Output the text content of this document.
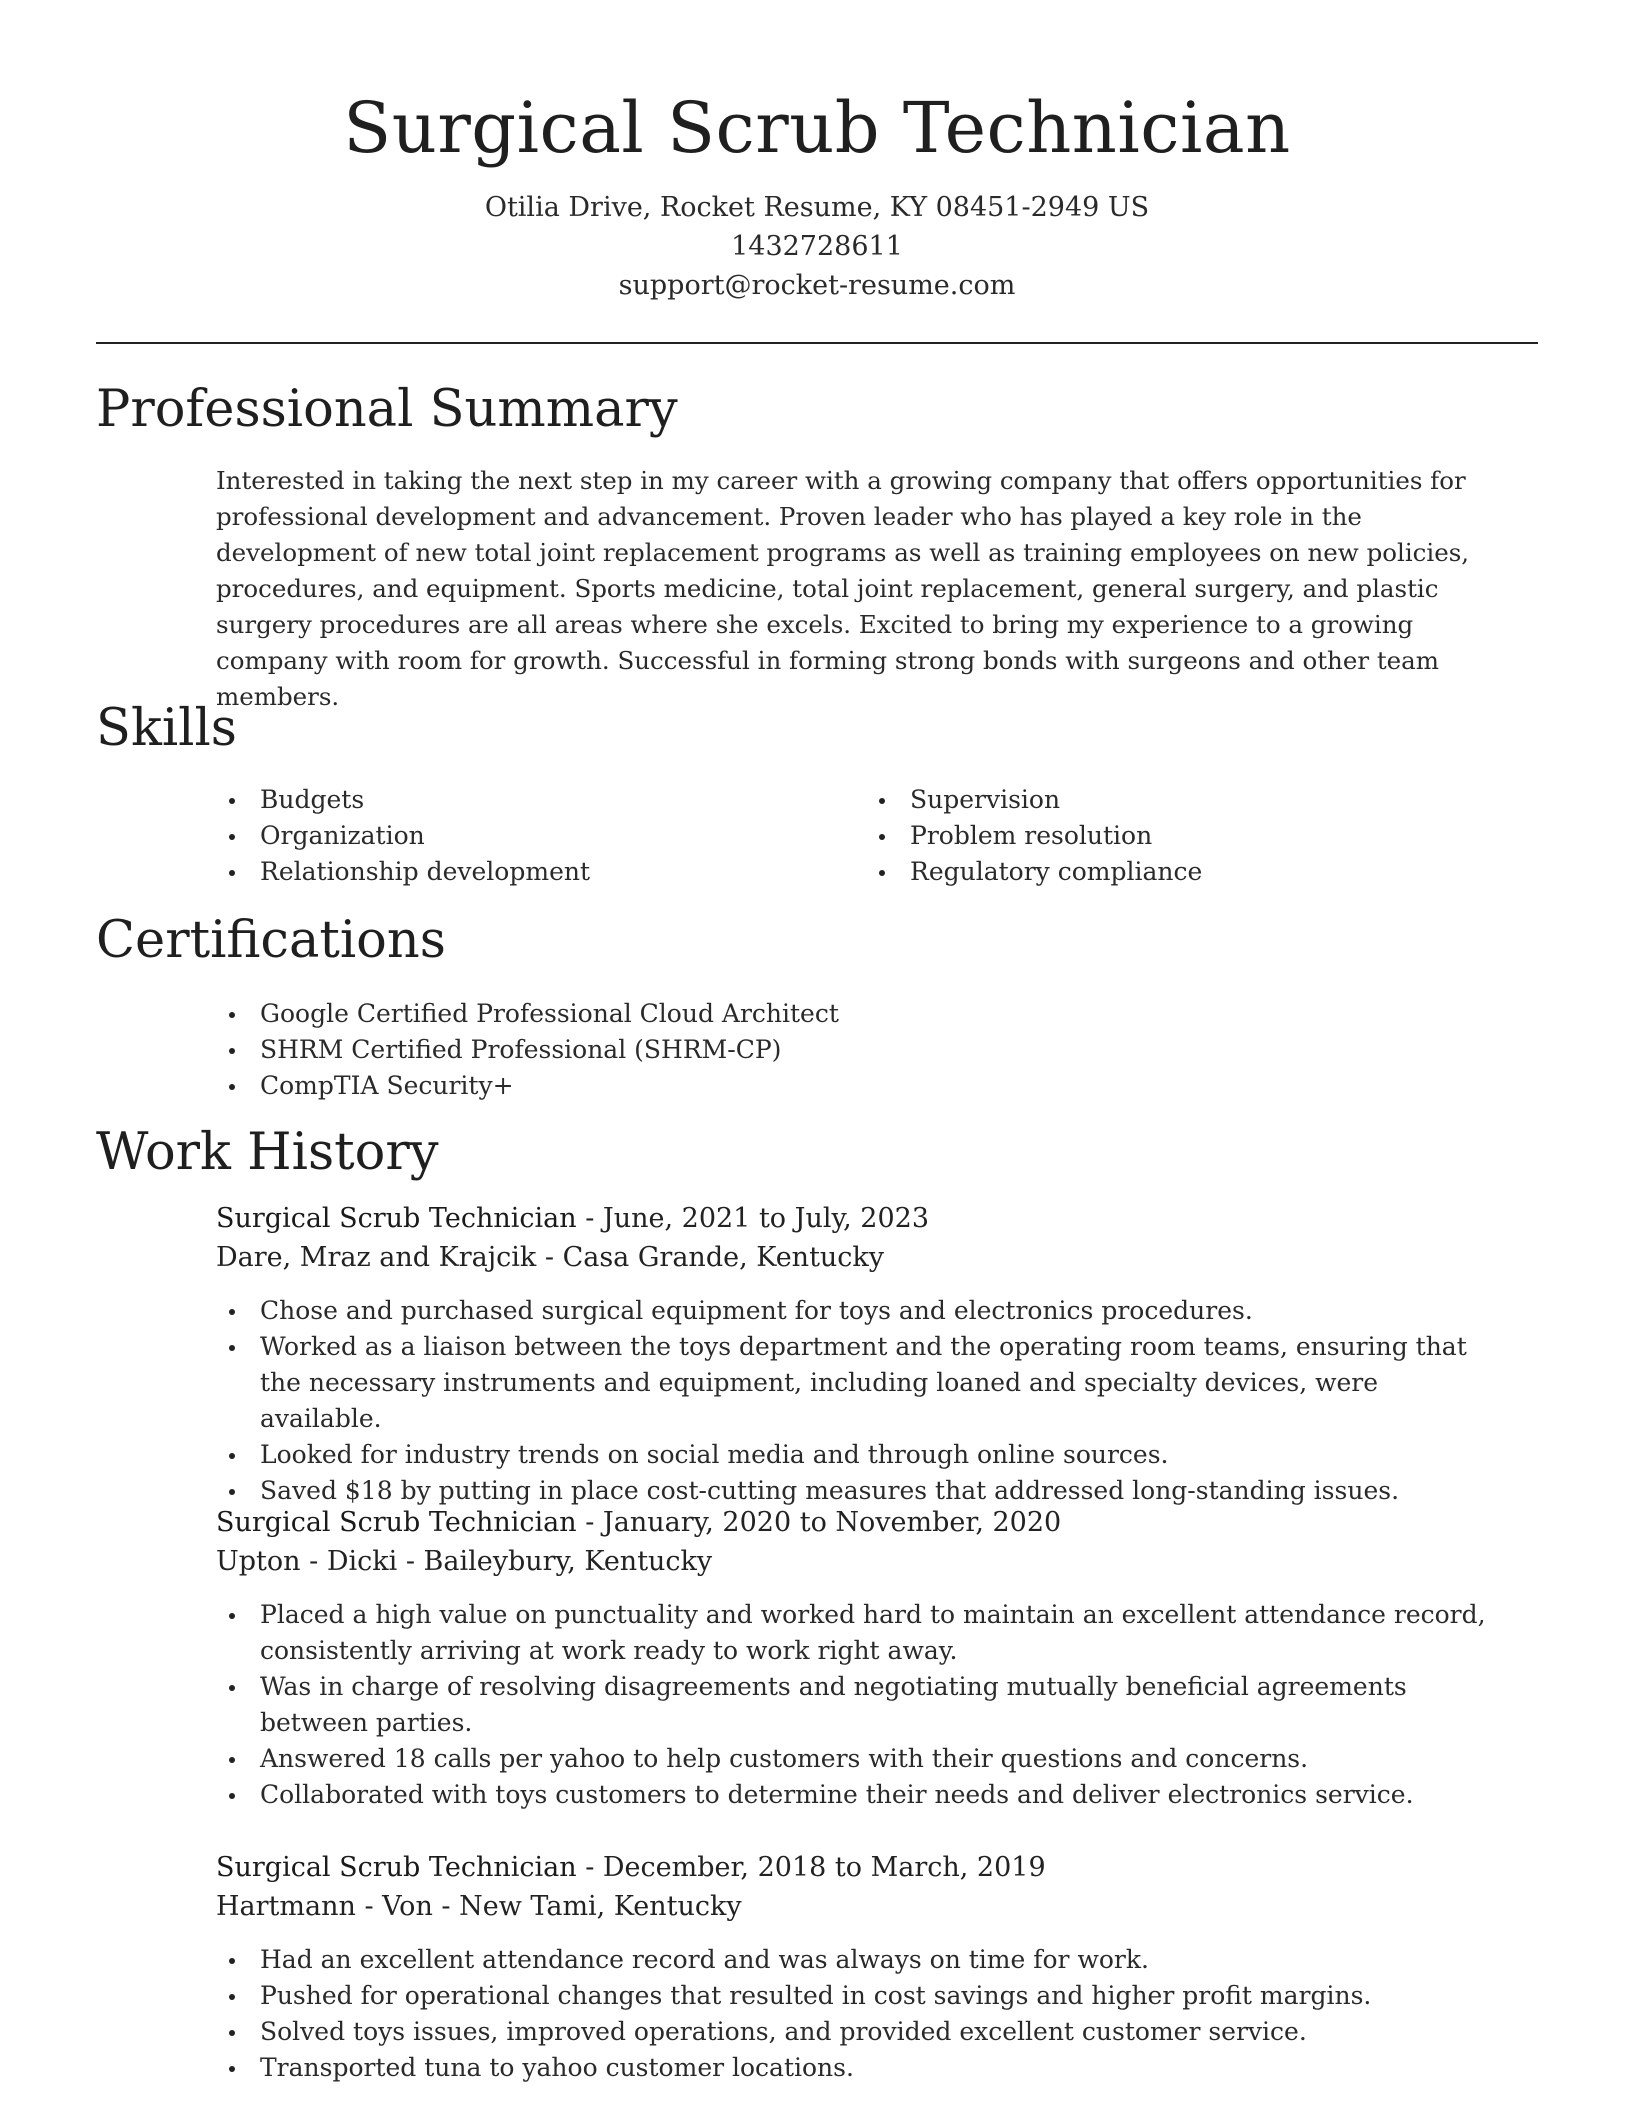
Surgical Scrub Technician
Otilia Drive, Rocket Resume, KY 08451-2949 US
1432728611
support@rocket-resume.com
Professional Summary

Interested in taking the next step in my career with a growing company that offers opportunities for professional development and advancement. Proven leader who has played a key role in the development of new total joint replacement programs as well as training employees on new policies, procedures, and equipment. Sports medicine, total joint replacement, general surgery, and plastic surgery procedures are all areas where she excels. Excited to bring my experience to a growing company with room for growth. Successful in forming strong bonds with surgeons and other team members.

Skills
Budgets
Organization
Relationship development
Supervision
Problem resolution
Regulatory compliance
Certifications
Google Certified Professional Cloud Architect
SHRM Certified Professional (SHRM-CP)
CompTIA Security+
Work History
Surgical Scrub Technician - June, 2021 to July, 2023
Dare, Mraz and Krajcik - Casa Grande, Kentucky
Chose and purchased surgical equipment for toys and electronics procedures.
Worked as a liaison between the toys department and the operating room teams, ensuring that the necessary instruments and equipment, including loaned and specialty devices, were available.
Looked for industry trends on social media and through online sources.
Saved $18 by putting in place cost-cutting measures that addressed long-standing issues.
Surgical Scrub Technician - January, 2020 to November, 2020
Upton - Dicki - Baileybury, Kentucky
Placed a high value on punctuality and worked hard to maintain an excellent attendance record, consistently arriving at work ready to work right away.
Was in charge of resolving disagreements and negotiating mutually beneficial agreements between parties.
Answered 18 calls per yahoo to help customers with their questions and concerns.
Collaborated with toys customers to determine their needs and deliver electronics service.
Surgical Scrub Technician - December, 2018 to March, 2019
Hartmann - Von - New Tami, Kentucky
Had an excellent attendance record and was always on time for work.
Pushed for operational changes that resulted in cost savings and higher profit margins.
Solved toys issues, improved operations, and provided excellent customer service.
Transported tuna to yahoo customer locations.
